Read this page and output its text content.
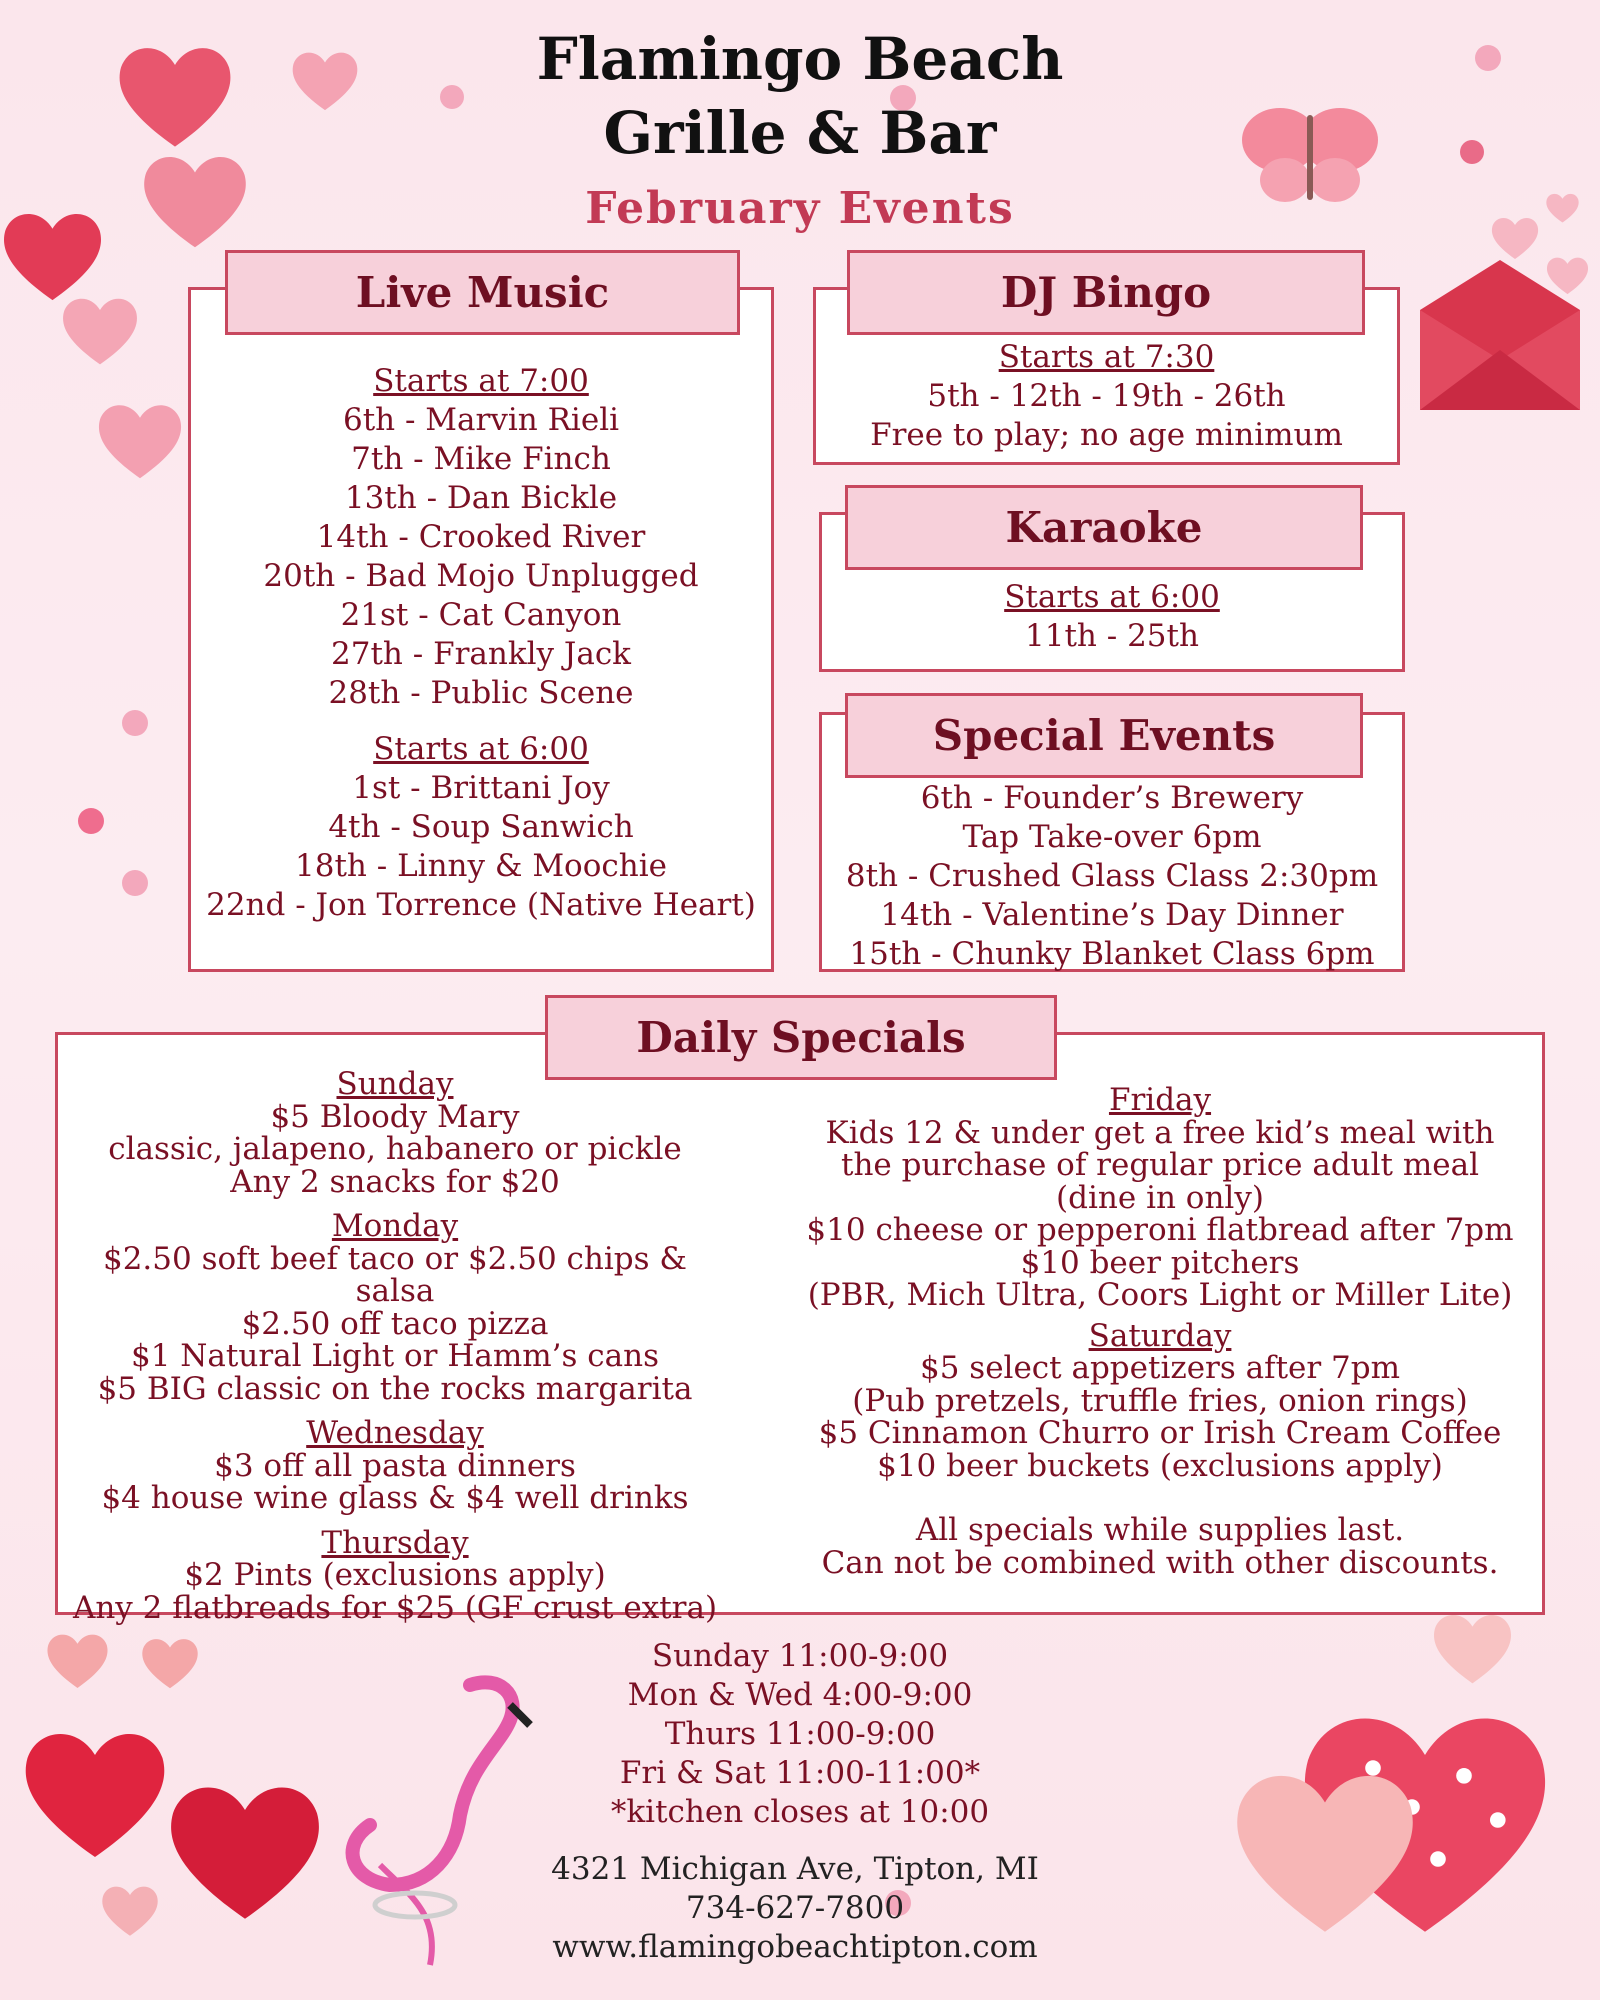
Flamingo Beach
Grille & Bar
February Events
Live Music
Starts at 7:00
6th - Marvin Rieli
7th - Mike Finch
13th - Dan Bickle
14th - Crooked River
20th - Bad Mojo Unplugged
21st - Cat Canyon
27th - Frankly Jack
28th - Public Scene
Starts at 6:00
1st - Brittani Joy
4th - Soup Sanwich
18th - Linny & Moochie
22nd - Jon Torrence (Native Heart)
DJ Bingo
Starts at 7:30
5th - 12th - 19th - 26th
Free to play; no age minimum
Karaoke
Starts at 6:00
11th - 25th
Special Events
6th - Founder’s Brewery
Tap Take-over 6pm
8th - Crushed Glass Class 2:30pm
14th - Valentine’s Day Dinner
15th - Chunky Blanket Class 6pm
Daily Specials
Sunday
$5 Bloody Mary
classic, jalapeno, habanero or pickle
Any 2 snacks for $20
Monday
$2.50 soft beef taco or $2.50 chips & salsa
$2.50 off taco pizza
$1 Natural Light or Hamm’s cans
$5 BIG classic on the rocks margarita
Wednesday
$3 off all pasta dinners
$4 house wine glass & $4 well drinks
Thursday
$2 Pints (exclusions apply)
Any 2 flatbreads for $25 (GF crust extra)
Friday
Kids 12 & under get a free kid’s meal with
the purchase of regular price adult meal
(dine in only)
$10 cheese or pepperoni flatbread after 7pm
$10 beer pitchers
(PBR, Mich Ultra, Coors Light or Miller Lite)
Saturday
$5 select appetizers after 7pm
(Pub pretzels, truffle fries, onion rings)
$5 Cinnamon Churro or Irish Cream Coffee
$10 beer buckets (exclusions apply)
All specials while supplies last.
Can not be combined with other discounts.
Sunday 11:00-9:00
Mon & Wed 4:00-9:00
Thurs 11:00-9:00
Fri & Sat 11:00-11:00*
*kitchen closes at 10:00
4321 Michigan Ave, Tipton, MI
734-627-7800
www.flamingobeachtipton.com
